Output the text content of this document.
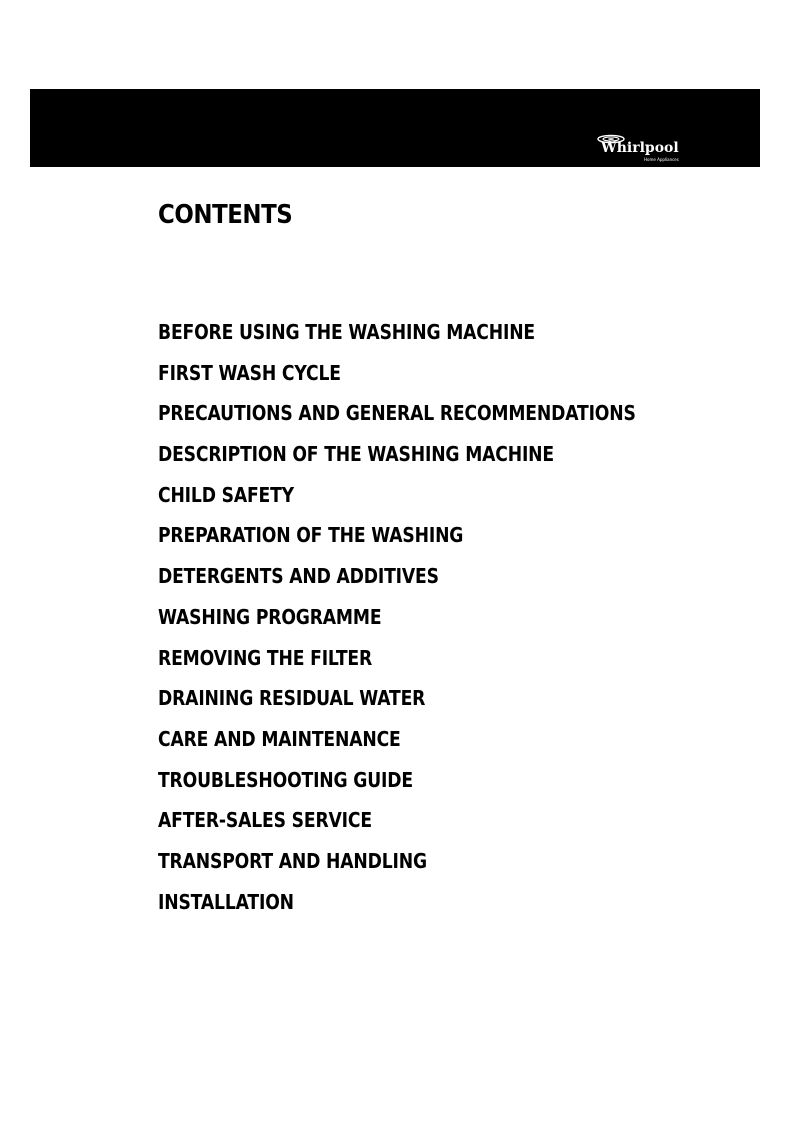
Whirlpool
Home Appliances
CONTENTS
BEFORE USING THE WASHING MACHINE
FIRST WASH CYCLE
PRECAUTIONS AND GENERAL RECOMMENDATIONS
DESCRIPTION OF THE WASHING MACHINE
CHILD SAFETY
PREPARATION OF THE WASHING
DETERGENTS AND ADDITIVES
WASHING PROGRAMME
REMOVING THE FILTER
DRAINING RESIDUAL WATER
CARE AND MAINTENANCE
TROUBLESHOOTING GUIDE
AFTER-SALES SERVICE
TRANSPORT AND HANDLING
INSTALLATION
